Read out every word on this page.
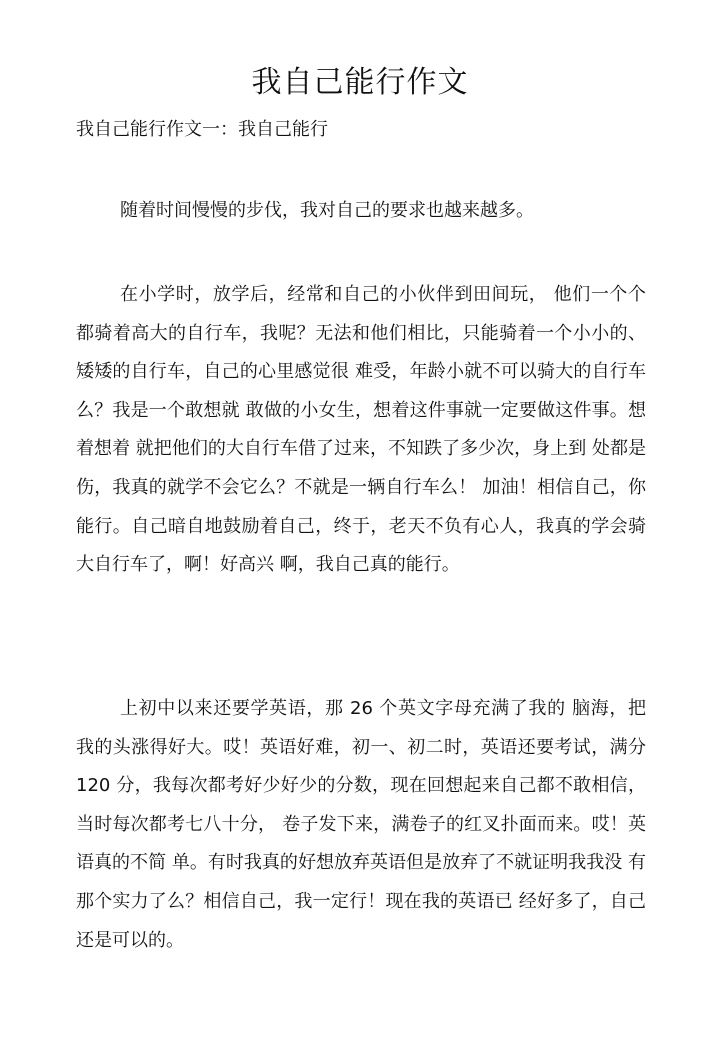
我自己能行作文

我自己能行作文一：我自己能行

随着时间慢慢的步伐，我对自己的要求也越来越多。

在小学时，放学后，经常和自己的小伙伴到田间玩， 他们一个个都骑着高大的自行车，我呢？无法和他们相比，只能骑着一个小小的、矮矮的自行车，自己的心里感觉很 难受，年龄小就不可以骑大的自行车么？我是一个敢想就 敢做的小女生，想着这件事就一定要做这件事。想着想着 就把他们的大自行车借了过来，不知跌了多少次，身上到 处都是伤，我真的就学不会它么？不就是一辆自行车么！ 加油！相信自己，你能行。自己暗自地鼓励着自己，终于，老天不负有心人，我真的学会骑大自行车了，啊！好高兴 啊，我自己真的能行。

上初中以来还要学英语，那 26 个英文字母充满了我的 脑海，把我的头涨得好大。哎！英语好难，初一、初二时，英语还要考试，满分 120 分，我每次都考好少好少的分数，现在回想起来自己都不敢相信，当时每次都考七八十分， 卷子发下来，满卷子的红叉扑面而来。哎！英语真的不简 单。有时我真的好想放弃英语但是放弃了不就证明我我没 有那个实力了么？相信自己，我一定行！现在我的英语已 经好多了，自己还是可以的。
